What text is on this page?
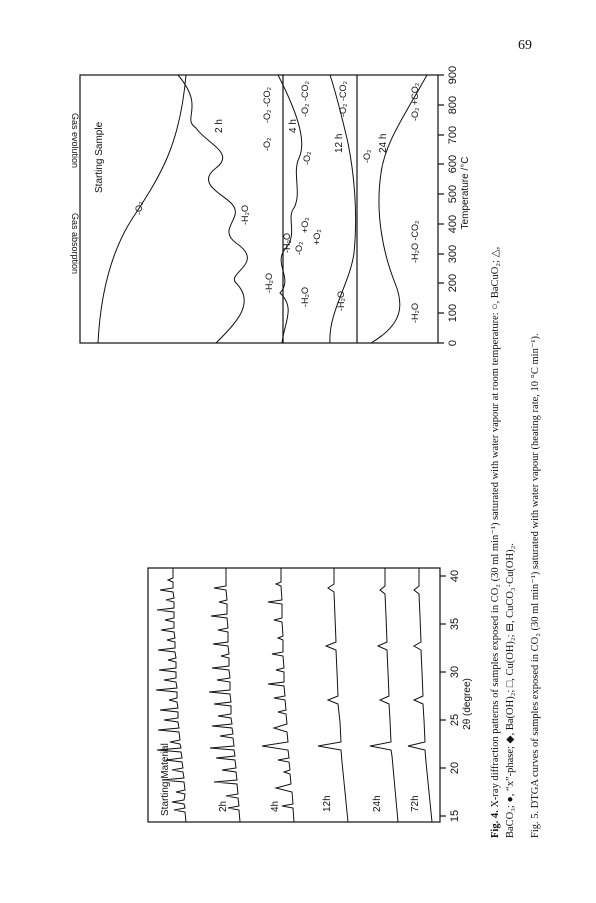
69
15
20
25
30
35
40
2θ (degree)
Starting Material	2h	4h	12h	24h	72h
0
100
200
300
400
500
600
700
800
900
Temperature /°C
Starting Sample	2 h	4 h
12 h	24 h
-O₂
-H₂O
-H₂O
-O₂
+O₂
-O₂
-O₂ -CO₂
-H₂O
-H₂O
+O₂
-O₂
-O₂ -CO₂
-H₂O
-O₂
-O₂ -CO₂
-H₂O
-H₂O -CO₂
-O₂ +CO₂
Gas evolution
Gas absorption
Fig. 4. X-ray diffraction patterns of samples exposed in CO₂ (30 ml min⁻¹) saturated with water vapour at room temperature: ○, BaCuO₂; △, BaCO₃; ●, “x”-phase; ◆, Ba(OH)₂; □, Cu(OH)₂; ⊟, CuCO₃·Cu(OH)₂. Fig. 5. DTGA curves of samples exposed in CO₂ (30 ml min⁻¹) saturated with water vapour (heating rate, 10 °C min⁻¹).
